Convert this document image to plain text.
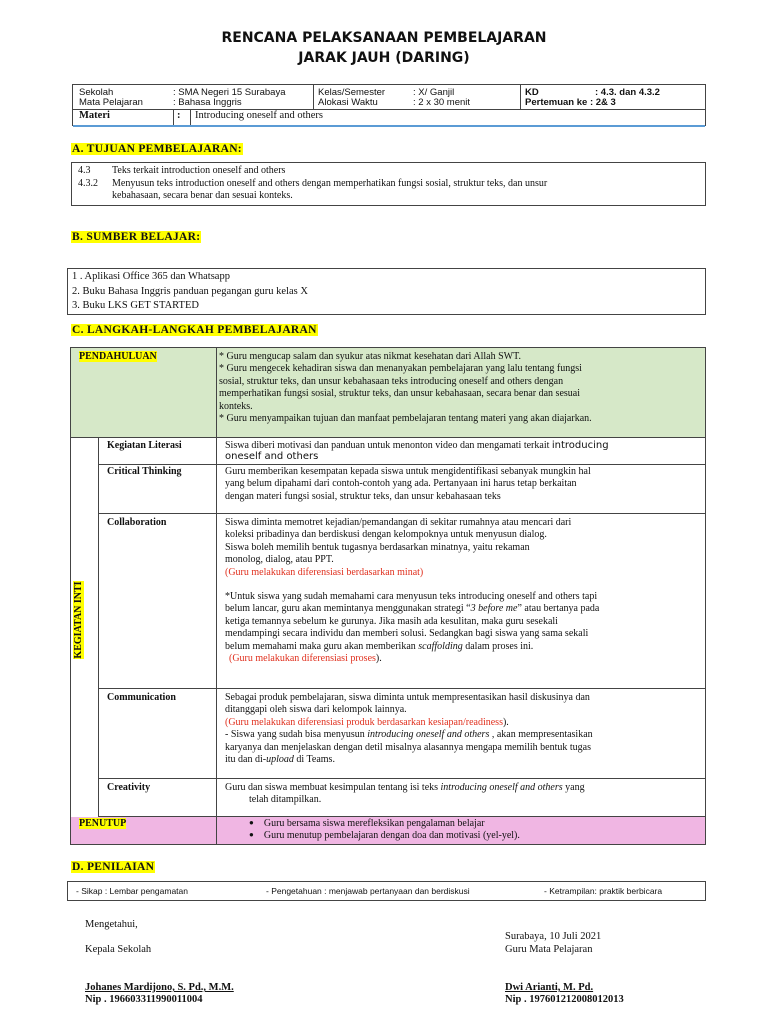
RENCANA PELAKSANAAN PEMBELAJARAN
JARAK JAUH (DARING)
Sekolah	: SMA Negeri 15 Surabaya
Mata Pelajaran	: Bahasa Inggris
Kelas/Semester	: X/ Ganjil
Alokasi Waktu	: 2 x 30 menit
KD	: 4.3. dan 4.3.2
Pertemuan ke : 2& 3
Materi	: Introducing oneself and others
A. TUJUAN PEMBELAJARAN:
4.3	Teks terkait introduction oneself and others
4.3.2	Menyusun teks introduction oneself and others dengan memperhatikan fungsi sosial, struktur teks, dan unsur
kebahasaan, secara benar dan sesuai konteks.
B. SUMBER BELAJAR:
1 . Aplikasi Office 365 dan Whatsapp
2. Buku Bahasa Inggris panduan pegangan guru kelas X
3. Buku LKS GET STARTED
C. LANGKAH-LANGKAH PEMBELAJARAN
PENDAHULUAN	* Guru mengucap salam dan syukur atas nikmat kesehatan dari Allah SWT.
* Guru mengecek kehadiran siswa dan menanyakan pembelajaran yang lalu tentang fungsi
sosial, struktur teks, dan unsur kebahasaan teks introducing oneself and others dengan
memperhatikan fungsi sosial, struktur teks, dan unsur kebahasaan, secara benar dan sesuai
konteks.
* Guru menyampaikan tujuan dan manfaat pembelajaran tentang materi yang akan diajarkan.
KEGIATAN INTI
Kegiatan Literasi	Siswa diberi motivasi dan panduan untuk menonton video dan mengamati terkait introducing
oneself and others
Critical Thinking	Guru memberikan kesempatan kepada siswa untuk mengidentifikasi sebanyak mungkin hal
yang belum dipahami dari contoh-contoh yang ada. Pertanyaan ini harus tetap berkaitan
dengan materi fungsi sosial, struktur teks, dan unsur kebahasaan teks
Collaboration	Siswa diminta memotret kejadian/pemandangan di sekitar rumahnya atau mencari dari
koleksi pribadinya dan berdiskusi dengan kelompoknya untuk menyusun dialog.
Siswa boleh memilih bentuk tugasnya berdasarkan minatnya, yaitu rekaman
monolog, dialog, atau PPT.
(Guru melakukan diferensiasi berdasarkan minat)
*Untuk siswa yang sudah memahami cara menyusun teks introducing oneself and others tapi
belum lancar, guru akan memintanya menggunakan strategi “3 before me” atau bertanya pada
ketiga temannya sebelum ke gurunya. Jika masih ada kesulitan, maka guru sesekali
mendampingi secara individu dan memberi solusi. Sedangkan bagi siswa yang sama sekali
belum memahami maka guru akan memberikan scaffolding dalam proses ini.
(Guru melakukan diferensiasi proses).
Communication	Sebagai produk pembelajaran, siswa diminta untuk mempresentasikan hasil diskusinya dan
ditanggapi oleh siswa dari kelompok lainnya.
(Guru melakukan diferensiasi produk berdasarkan kesiapan/readiness).
- Siswa yang sudah bisa menyusun introducing oneself and others , akan mempresentasikan
karyanya dan menjelaskan dengan detil misalnya alasannya mengapa memilih bentuk tugas
itu dan di-upload di Teams.
Creativity	Guru dan siswa membuat kesimpulan tentang isi teks introducing oneself and others yang
telah ditampilkan.
PENUTUP
●	Guru bersama siswa merefleksikan pengalaman belajar
● Guru menutup pembelajaran dengan doa dan motivasi (yel-yel).
D. PENILAIAN
- Sikap : Lembar pengamatan	- Pengetahuan : menjawab pertanyaan dan berdiskusi	- Ketrampilan: praktik berbicara
Mengetahui,
Kepala Sekolah
Johanes Mardijono, S. Pd., M.M.
Nip . 196603311990011004
Surabaya, 10 Juli 2021
Guru Mata Pelajaran
Dwi Arianti, M. Pd.
Nip . 197601212008012013
